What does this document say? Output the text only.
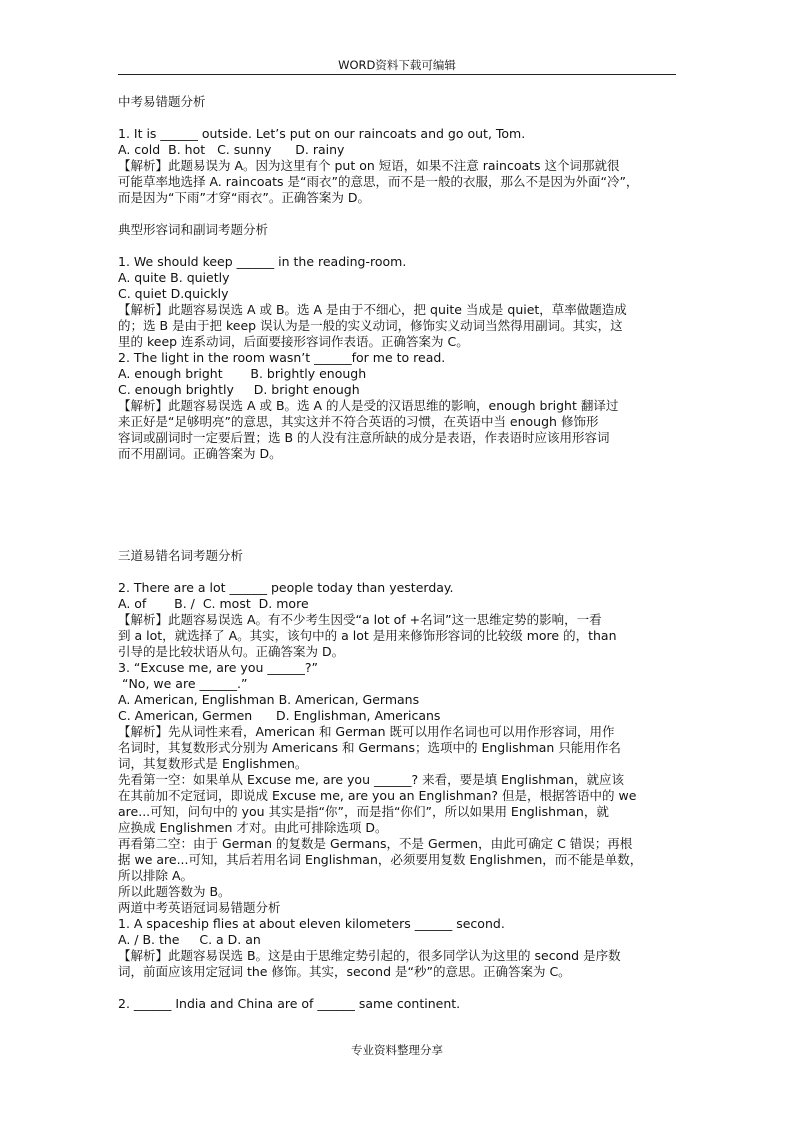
WORD资料下载可编辑

中考易错题分析

1. It is ______ outside. Let’s put on our raincoats and go out, Tom.

A. cold  B. hot   C. sunny      D. rainy

【解析】此题易误为 A。因为这里有个 put on 短语，如果不注意 raincoats 这个词那就很

可能草率地选择 A. raincoats 是“雨衣”的意思，而不是一般的衣服，那么不是因为外面“冷”，

而是因为“下雨”才穿“雨衣”。正确答案为 D。

典型形容词和副词考题分析

1. We should keep ______ in the reading-room.

A. quite B. quietly

C. quiet D.quickly

【解析】此题容易误选 A 或 B。选 A 是由于不细心，把 quite 当成是 quiet，草率做题造成

的；选 B 是由于把 keep 误认为是一般的实义动词，修饰实义动词当然得用副词。其实，这

里的 keep 连系动词，后面要接形容词作表语。正确答案为 C。

2. The light in the room wasn’t ______for me to read.

A. enough bright       B. brightly enough

C. enough brightly     D. bright enough

【解析】此题容易误选 A 或 B。选 A 的人是受的汉语思维的影响，enough bright 翻译过

来正好是“足够明亮”的意思，其实这并不符合英语的习惯，在英语中当 enough 修饰形

容词或副词时一定要后置；选 B 的人没有注意所缺的成分是表语，作表语时应该用形容词

而不用副词。正确答案为 D。

三道易错名词考题分析

2. There are a lot ______ people today than yesterday.

A. of       B. /  C. most  D. more

【解析】此题容易误选 A。有不少考生因受“a lot of +名词”这一思维定势的影响，一看

到 a lot，就选择了 A。其实，该句中的 a lot 是用来修饰形容词的比较级 more 的，than

引导的是比较状语从句。正确答案为 D。

3. “Excuse me, are you ______?”

“No, we are ______.”

A. American, Englishman B. American, Germans

C. American, Germen      D. Englishman, Americans

【解析】先从词性来看，American 和 German 既可以用作名词也可以用作形容词，用作

名词时，其复数形式分别为 Americans 和 Germans；选项中的 Englishman 只能用作名

词，其复数形式是 Englishmen。

先看第一空：如果单从 Excuse me, are you ______? 来看，要是填 Englishman，就应该

在其前加不定冠词，即说成 Excuse me, are you an Englishman? 但是，根据答语中的 we

are...可知，问句中的 you 其实是指“你”，而是指“你们”，所以如果用 Englishman，就

应换成 Englishmen 才对。由此可排除选项 D。

再看第二空：由于 German 的复数是 Germans，不是 Germen，由此可确定 C 错误；再根

据 we are...可知，其后若用名词 Englishman，必须要用复数 Englishmen，而不能是单数，

所以排除 A。

所以此题答数为 B。

两道中考英语冠词易错题分析

1. A spaceship flies at about eleven kilometers ______ second.

A. / B. the     C. a D. an

【解析】此题容易误选 B。这是由于思维定势引起的，很多同学认为这里的 second 是序数

词，前面应该用定冠词 the 修饰。其实，second 是“秒”的意思。正确答案为 C。

2. ______ India and China are of ______ same continent.

专业资料整理分享
